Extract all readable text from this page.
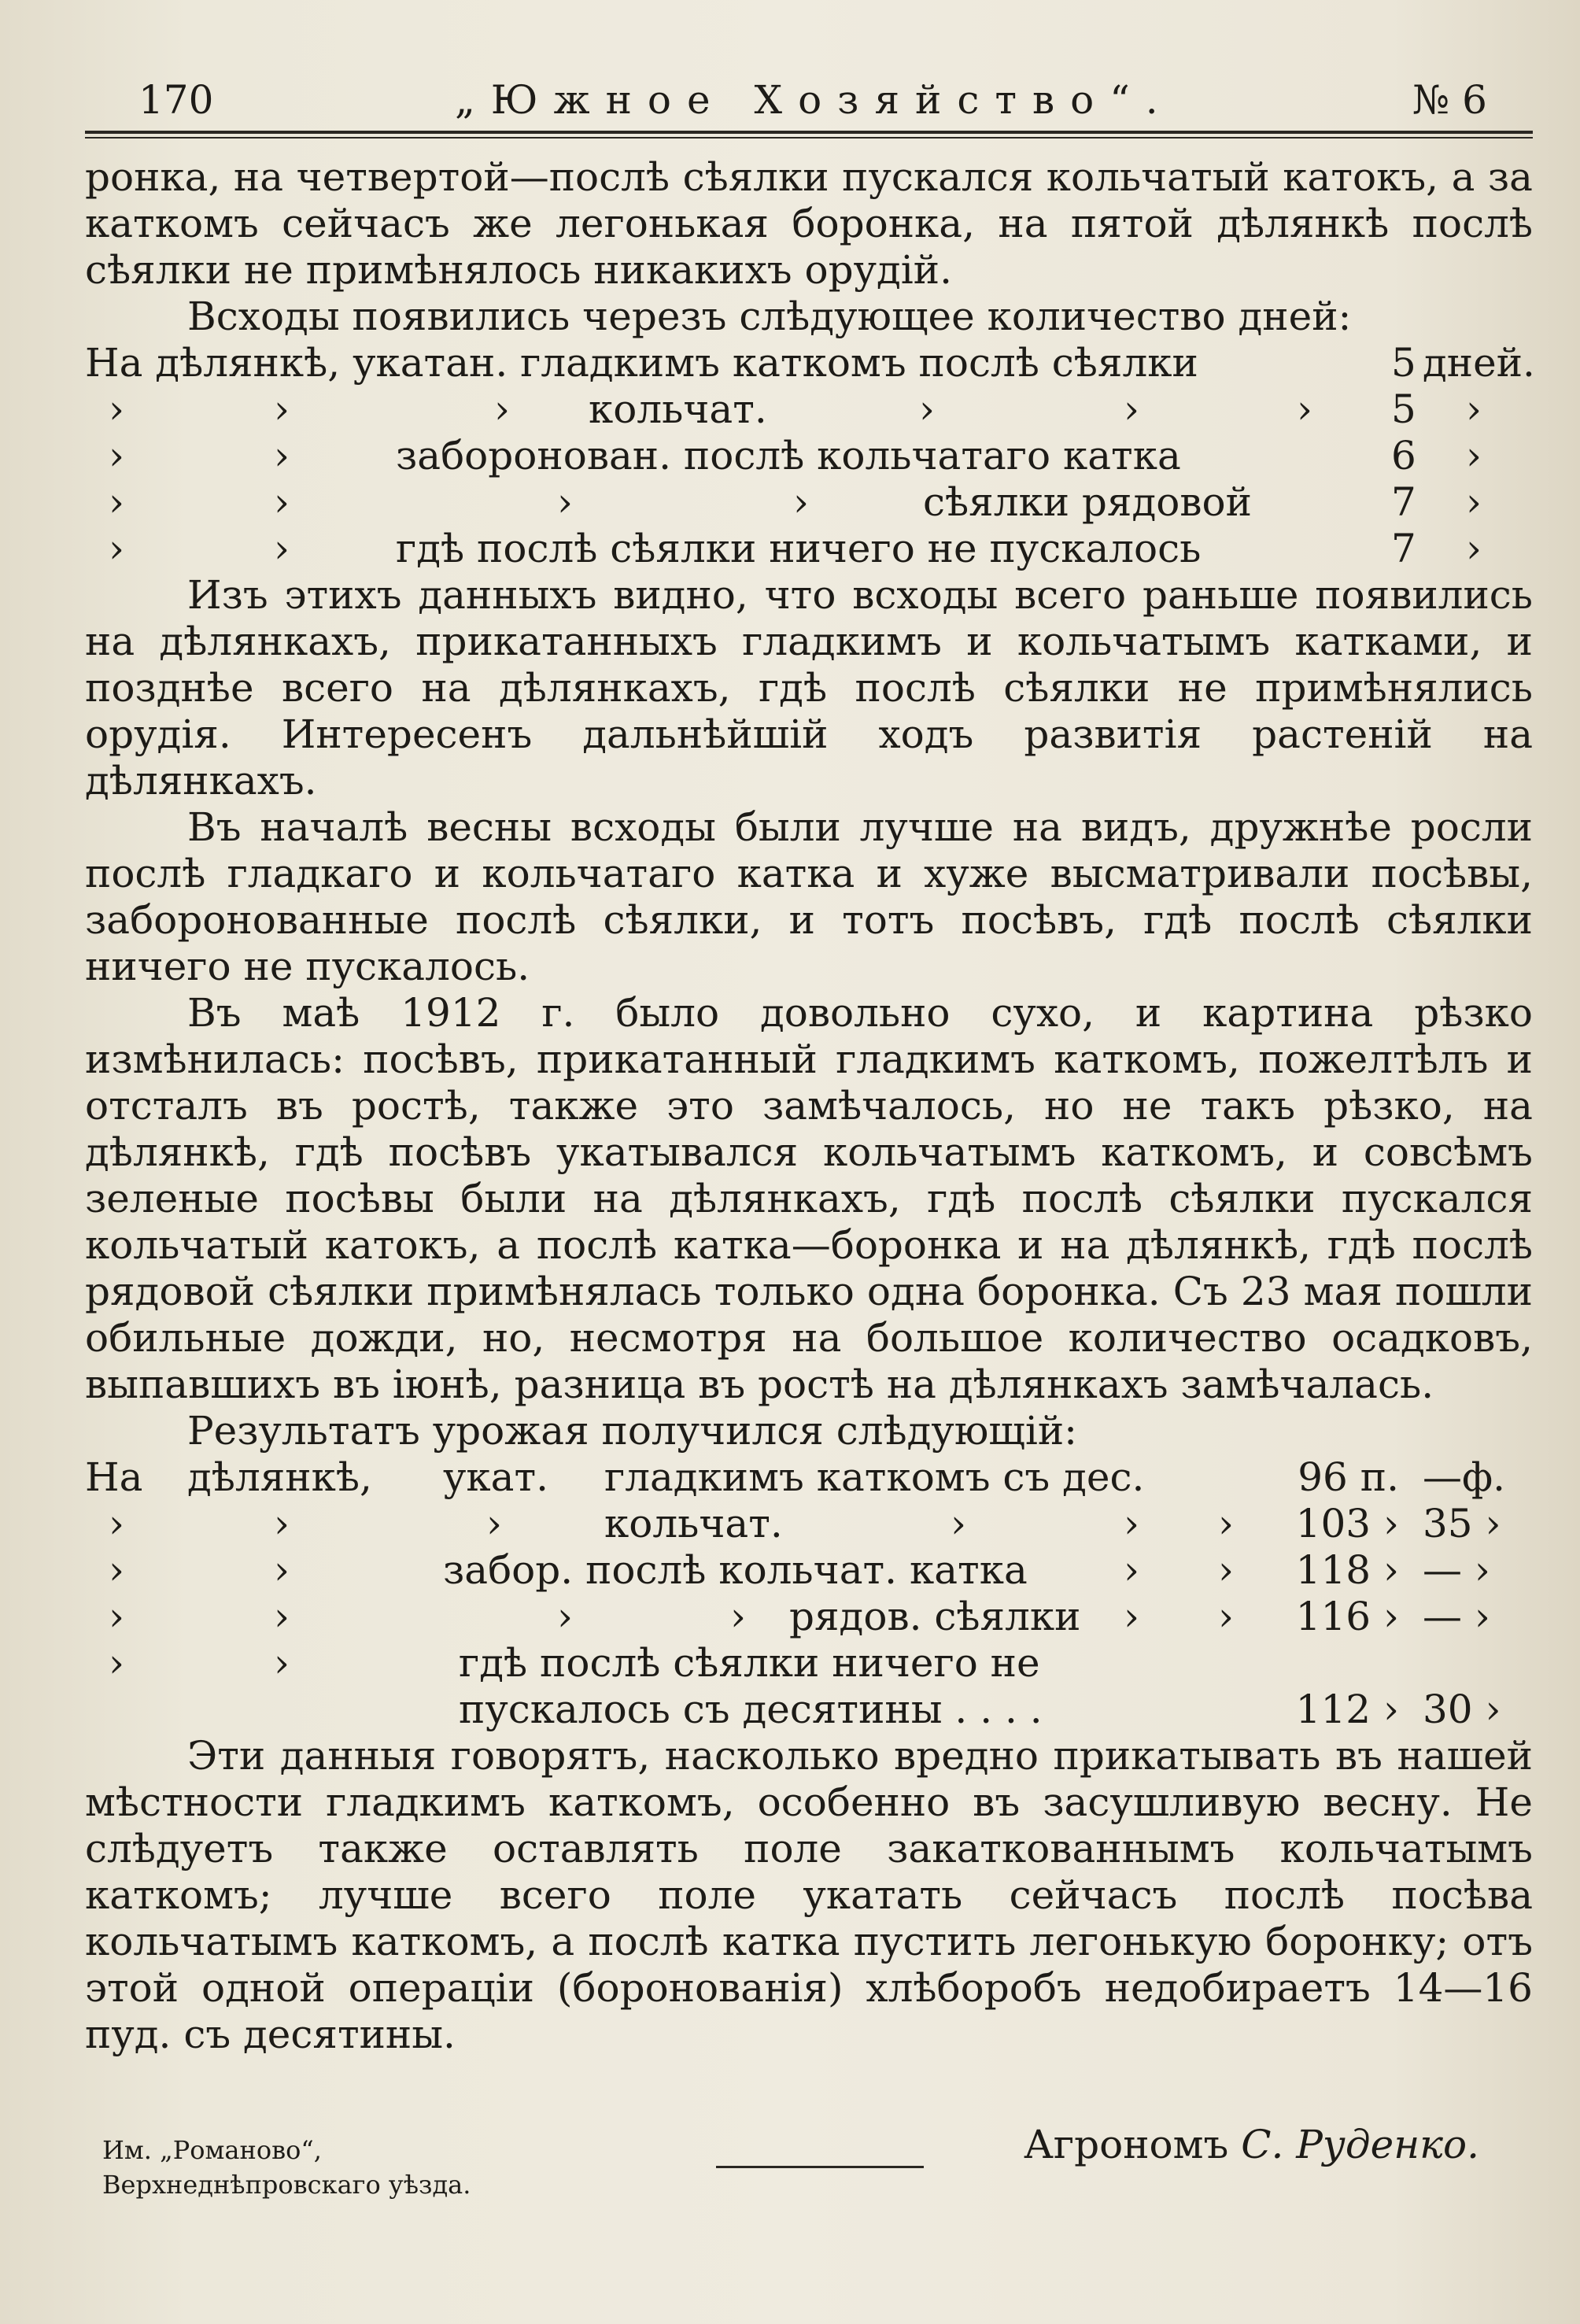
170	„Южное Хозяйство“.	№ 6

ронка, на четвертой—послѣ сѣялки пускался кольчатый катокъ, а за каткомъ сейчасъ же легонькая боронка, на пятой дѣлянкѣ послѣ сѣялки не примѣнялось никакихъ орудій.

Всходы появились черезъ слѣдующее количество дней:

На дѣлянкѣ, укатан. гладкимъ каткомъ послѣ сѣялки	5 дней.
›	›	› кольчат.	›	›	› 5 ›
›	›	заборонован. послѣ кольчатаго катка	6 ›
›	›	›	›	сѣялки рядовой	7 ›
›	›	гдѣ послѣ сѣялки ничего не пускалось	7 ›

Изъ этихъ данныхъ видно, что всходы всего раньше появились на дѣлянкахъ, прикатанныхъ гладкимъ и кольчатымъ катками, и позднѣе всего на дѣлянкахъ, гдѣ послѣ сѣялки не примѣнялись орудія. Интересенъ дальнѣйшій ходъ развитія растеній на дѣлянкахъ.

Въ началѣ весны всходы были лучше на видъ, дружнѣе росли послѣ гладкаго и кольчатаго катка и хуже высматривали посѣвы, заборонованные послѣ сѣялки, и тотъ посѣвъ, гдѣ послѣ сѣялки ничего не пускалось.

Въ маѣ 1912 г. было довольно сухо, и картина рѣзко измѣнилась: посѣвъ, прикатанный гладкимъ каткомъ, пожелтѣлъ и отсталъ въ ростѣ, также это замѣчалось, но не такъ рѣзко, на дѣлянкѣ, гдѣ посѣвъ укатывался кольчатымъ каткомъ, и совсѣмъ зеленые посѣвы были на дѣлянкахъ, гдѣ послѣ сѣялки пускался кольчатый катокъ, а послѣ катка—боронка и на дѣлянкѣ, гдѣ послѣ рядовой сѣялки примѣнялась только одна боронка. Съ 23 мая пошли обильные дожди, но, несмотря на большое количество осадковъ, выпавшихъ въ іюнѣ, разница въ ростѣ на дѣлянкахъ замѣчалась.

Результатъ урожая получился слѣдующій:

На дѣлянкѣ, укат. гладкимъ каткомъ съ дес.	96 п. —ф.
›	›	›	кольчат.	›	› ›	103 › 35 ›
›	›	забор. послѣ кольчат. катка › ›	118 › — ›
›	›	›	› рядов. сѣялки › ›	116 › — ›
›	›	гдѣ послѣ сѣялки ничего не
пускалось съ десятины . . . .	112 › 30 ›

Эти данныя говорятъ, насколько вредно прикатывать въ нашей мѣстности гладкимъ каткомъ, особенно въ засушливую весну. Не слѣдуетъ также оставлять поле закаткованнымъ кольчатымъ каткомъ; лучше всего поле укатать сейчасъ послѣ посѣва кольчатымъ каткомъ, а послѣ катка пустить легонькую боронку; отъ этой одной операціи (боронованія) хлѣборобъ недобираетъ 14—16 пуд. съ десятины.

Агрономъ С. Руденко.
Им. „Романово“,
Верхнеднѣпровскаго уѣзда.
